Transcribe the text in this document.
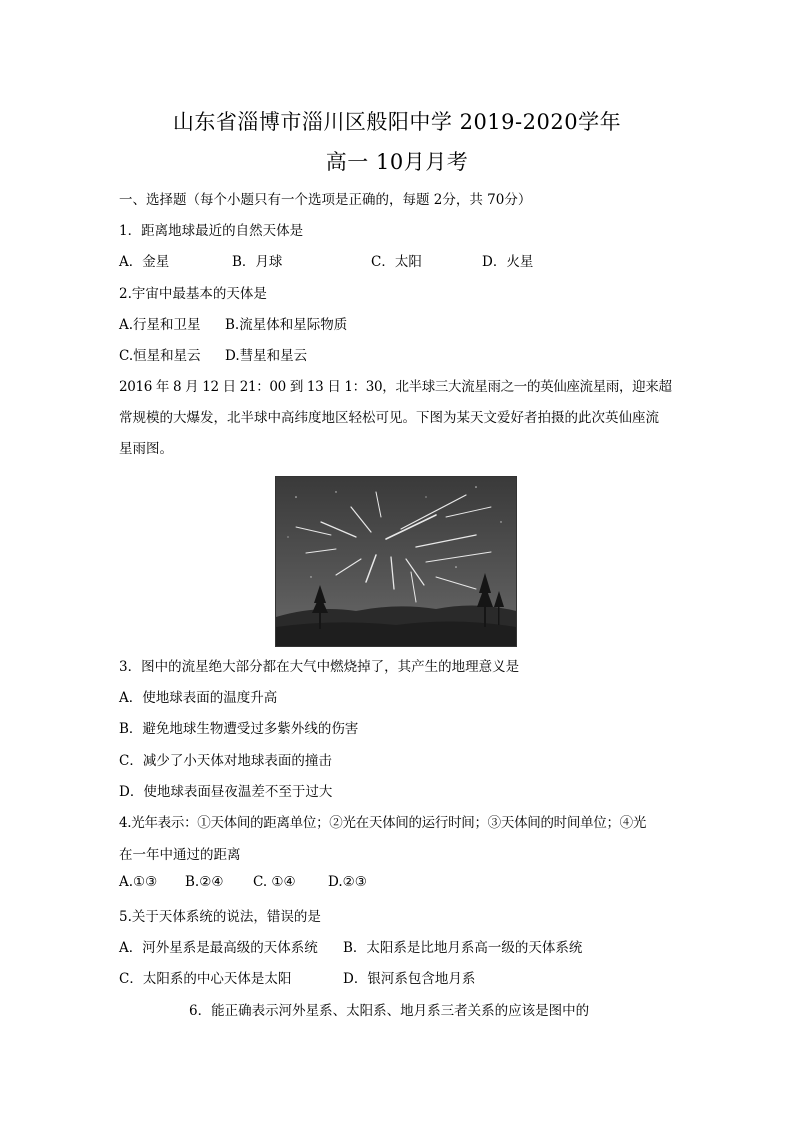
山东省淄博市淄川区般阳中学 2019-2020学年
高一 10月月考
一、选择题（每个小题只有一个选项是正确的，每题 2分，共 70分）
1．距离地球最近的自然天体是
A．金星	B．月球	C．太阳	D．火星
2.宇宙中最基本的天体是
A.行星和卫星 B.流星体和星际物质
C.恒星和星云 D.彗星和星云
2016 年 8 月 12 日 21：00 到 13 日 1：30，北半球三大流星雨之一的英仙座流星雨，迎来超
常规模的大爆发，北半球中高纬度地区轻松可见。下图为某天文爱好者拍摄的此次英仙座流
星雨图。
3．图中的流星绝大部分都在大气中燃烧掉了，其产生的地理意义是
A．使地球表面的温度升高
B．避免地球生物遭受过多紫外线的伤害
C．减少了小天体对地球表面的撞击
D．使地球表面昼夜温差不至于过大
4.光年表示：①天体间的距离单位；②光在天体间的运行时间；③天体间的时间单位；④光
在一年中通过的距离
A.①③ B.②④ C. ①④ D.②③
5.关于天体系统的说法，错误的是
A．河外星系是最高级的天体系统 B．太阳系是比地月系高一级的天体系统
C．太阳系的中心天体是太阳	D．银河系包含地月系
6．能正确表示河外星系、太阳系、地月系三者关系的应该是图中的
